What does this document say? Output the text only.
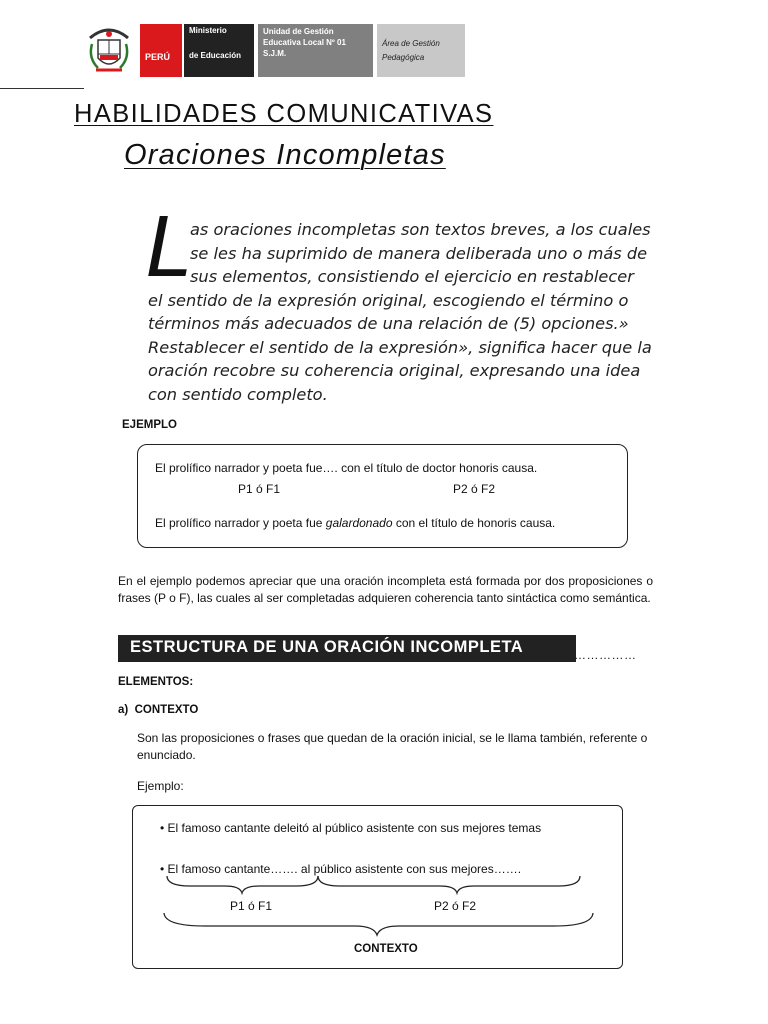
PERÚ
Ministerio
de Educación
Unidad de Gestión
Educativa Local Nº 01
S.J.M.
Área de Gestión
Pedagógica
HABILIDADES COMUNICATIVAS
Oraciones Incompletas
L
as oraciones incompletas son textos breves, a los cuales
se les ha suprimido de manera deliberada uno o más de
sus elementos, consistiendo el ejercicio en restablecer
el sentido de la expresión original, escogiendo el término o
términos más adecuados de una relación de (5) opciones.»
Restablecer el sentido de la expresión», significa hacer que la
oración recobre su coherencia original, expresando una idea
con sentido completo.
EJEMPLO
El prolífico narrador y poeta fue…. con el título de doctor honoris causa.
P1 ó F1	P2 ó F2
El prolífico narrador y poeta fue galardonado con el título de honoris causa.
En el ejemplo podemos apreciar que una oración incompleta está formada por dos proposiciones o frases (P o F), las cuales al ser completadas adquieren coherencia tanto sintáctica como semántica.
ESTRUCTURA DE UNA ORACIÓN INCOMPLETA	……………
ELEMENTOS:
a)  CONTEXTO
Son las proposiciones o frases que quedan de la oración inicial, se le llama también, referente o enunciado.
Ejemplo:
• El famoso cantante deleitó al público asistente con sus mejores temas
• El famoso cantante……. al público asistente con sus mejores…….
P1 ó F1	P2 ó F2
CONTEXTO
